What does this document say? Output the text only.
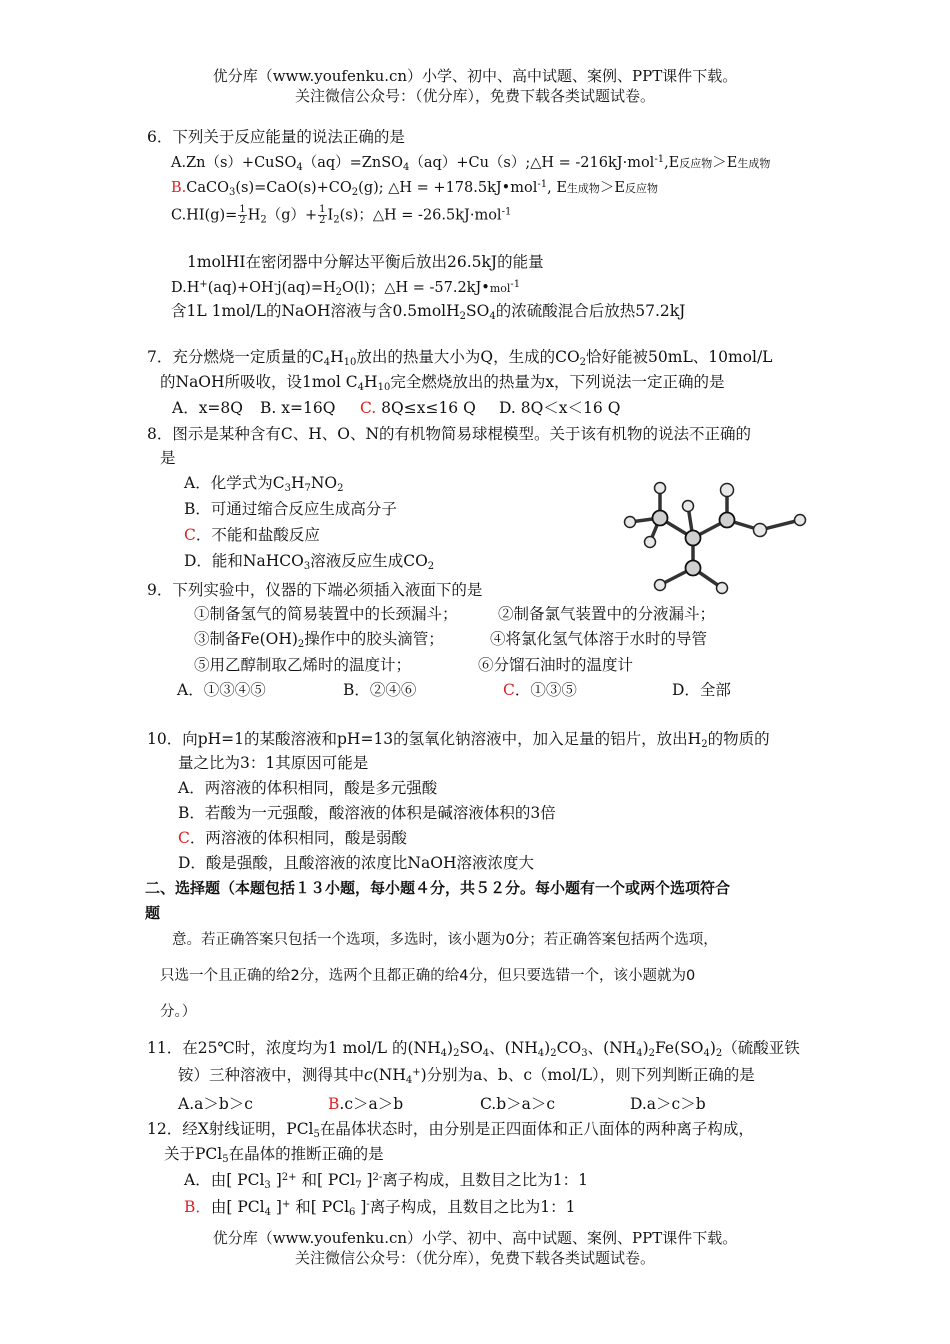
优分库（www.youfenku.cn）小学、初中、高中试题、案例、PPT课件下载。
关注微信公众号：（优分库），免费下载各类试题试卷。
6．下列关于反应能量的说法正确的是
A.Zn（s）+CuSO$_4$（aq）=ZnSO$_4$（aq）+Cu（s）;△H = -216kJ·mol$^{-1}$,E反应物＞E生成物
$B.CaCO_3(s)=CaO(s)+CO_2(g)$; △H = +178.5kJ•mol$^{-1}$, E生成物＞E反应物
$C.HI(g)= \frac{1}{2} H_2(g)+ \frac{1}{2} I_2(s)$；△H = -26.5kJ·mol$^{-1}$
1molHI在密闭器中分解达平衡后放出26.5kJ的能量
$D.H^+(aq)+OH^-j(aq)=H_2O(l)$；△H = -57.2kJ•mol$^{-1}$
含1L 1mol/L的NaOH溶液与含$0.5molH_2SO_4$的浓硫酸混合后放热57.2kJ
7．充分燃烧一定质量的$C_4H_{10}$放出的热量大小为Q，生成的$CO_2$恰好能被50mL、10mol/L
的NaOH所吸收，设1mol $C_4H_{10}$完全燃烧放出的热量为x，下列说法一定正确的是
A．x=8Q B. x=16Q C. 8Q≤x≤16 Q D. 8Q＜x＜16 Q
8．图示是某种含有C、H、O、N的有机物简易球棍模型。关于该有机物的说法不正确的
是
A．化学式为$C_3H_7NO_2$
B．可通过缩合反应生成高分子
C．不能和盐酸反应
D．能和NaHCO$_3$溶液反应生成$CO_2$
9．下列实验中，仪器的下端必须插入液面下的是
①制备氢气的简易装置中的长颈漏斗；	②制备氯气装置中的分液漏斗；
③制备$Fe(OH)_2$操作中的胶头滴管；	④将氯化氢气体溶于水时的导管
⑤用乙醇制取乙烯时的温度计；	⑥分馏石油时的温度计
A．①③④⑤	B．②④⑥	C．①③⑤	D．全部
10．向pH=1的某酸溶液和pH=13的氢氧化钠溶液中，加入足量的铝片，放出$H_2$的物质的
量之比为3：1其原因可能是
A．两溶液的体积相同，酸是多元强酸
B．若酸为一元强酸，酸溶液的体积是碱溶液体积的3倍
C．两溶液的体积相同，酸是弱酸
D．酸是强酸，且酸溶液的浓度比NaOH溶液浓度大
二、选择题（本题包括１３小题，每小题４分，共５２分。每小题有一个或两个选项符合
题
意。若正确答案只包括一个选项，多选时，该小题为0分；若正确答案包括两个选项，
只选一个且正确的给2分，选两个且都正确的给4分，但只要选错一个，该小题就为0
分。）
11．在25℃时，浓度均为1 mol/L 的$(NH_4)_2SO_4$、$(NH_4)_2CO_3$、$(NH_4)_2Fe(SO_4)_2$（硫酸亚铁
铵）三种溶液中，测得其中$c(NH_4^+)$分别为a、b、c（mol/L），则下列判断正确的是
A.a＞b＞c	B.c＞a＞b	C.b＞a＞c	D.a＞c＞b
12．经X射线证明，PCl$_5$在晶体状态时，由分别是正四面体和正八面体的两种离子构成，
关于PCl$_5$在晶体的推断正确的是
A．由[ PCl$_3$ ]$^{2+}$ 和[ PCl$_7$ ]$^{2-}$离子构成，且数目之比为1：1
B．由[ PCl$_4$ ]+ 和[ PCl$_6$ ]-离子构成，且数目之比为1：1
优分库（www.youfenku.cn）小学、初中、高中试题、案例、PPT课件下载。
关注微信公众号：（优分库），免费下载各类试题试卷。
